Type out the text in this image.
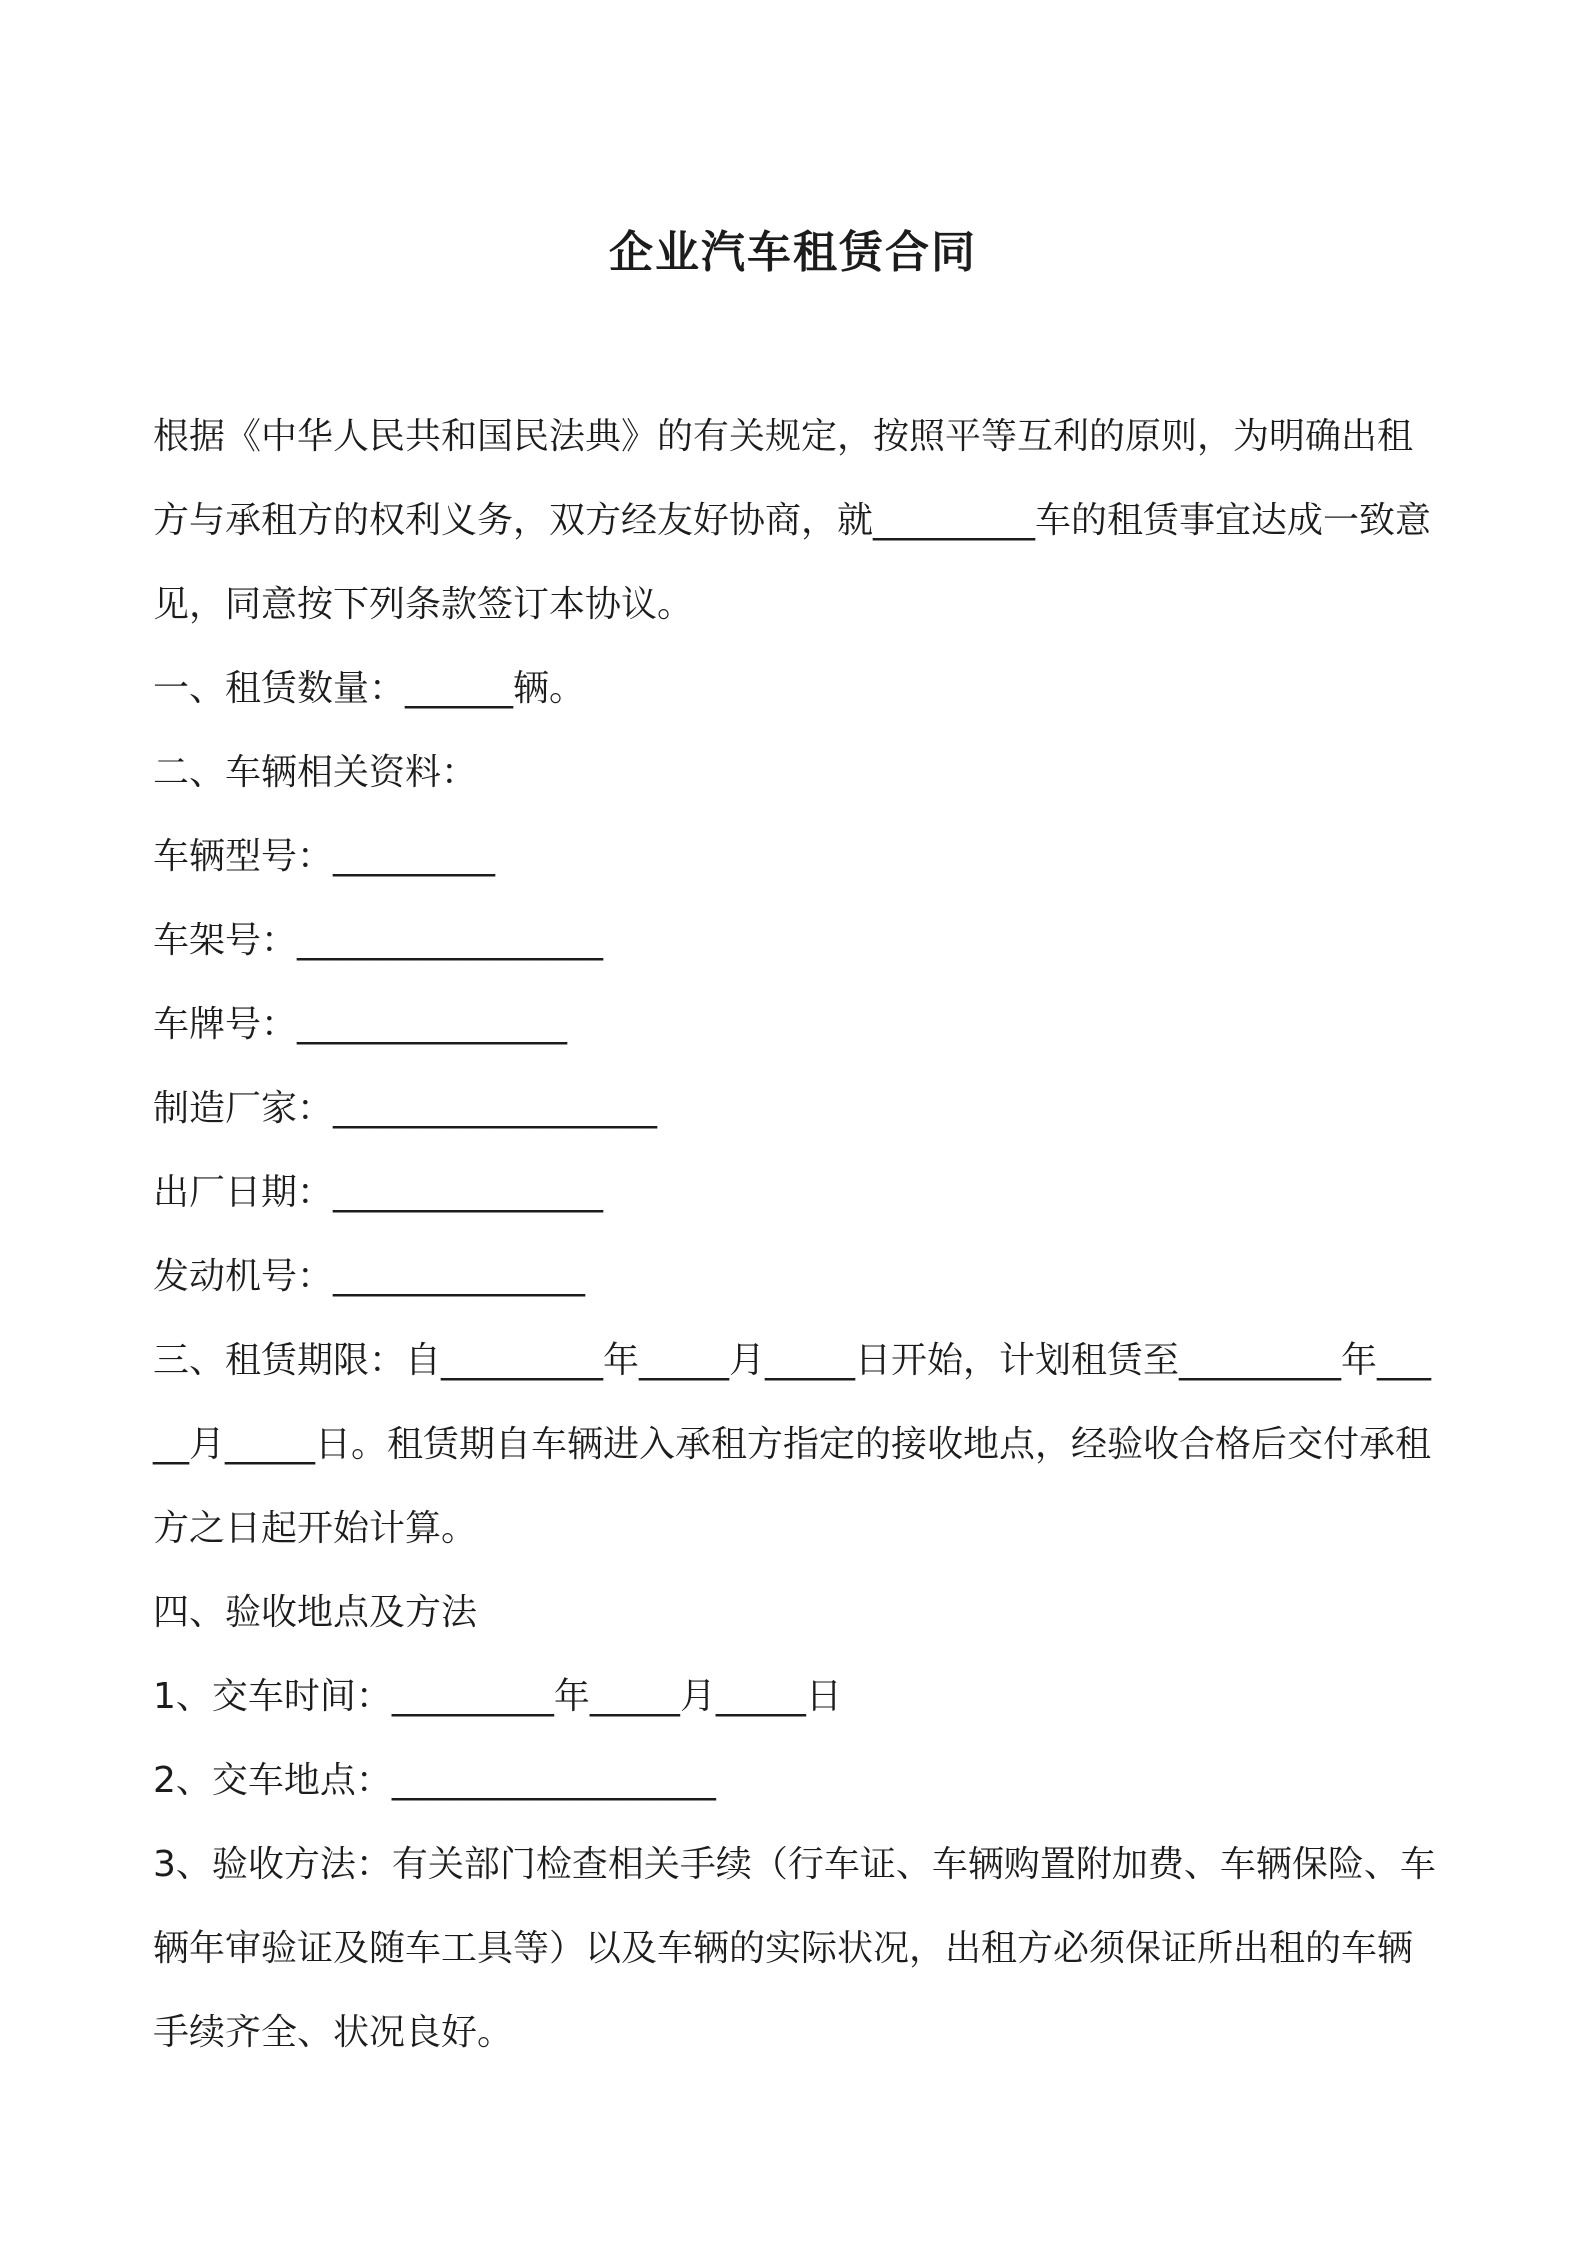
企业汽车租赁合同

根据《中华人民共和国民法典》的有关规定，按照平等互利的原则，为明确出租方与承租方的权利义务，双方经友好协商，就_________车的租赁事宜达成一致意见，同意按下列条款签订本协议。

一、租赁数量：______辆。

二、车辆相关资料：

车辆型号：_________

车架号：_________________

车牌号：_______________

制造厂家：__________________

出厂日期：_______________

发动机号：______________

三、租赁期限：自_________年_____月_____日开始，计划租赁至_________年_____月_____日。租赁期自车辆进入承租方指定的接收地点，经验收合格后交付承租方之日起开始计算。

四、验收地点及方法

1、交车时间：_________年_____月_____日

2、交车地点：__________________

3、验收方法：有关部门检查相关手续（行车证、车辆购置附加费、车辆保险、车辆年审验证及随车工具等）以及车辆的实际状况，出租方必须保证所出租的车辆手续齐全、状况良好。
